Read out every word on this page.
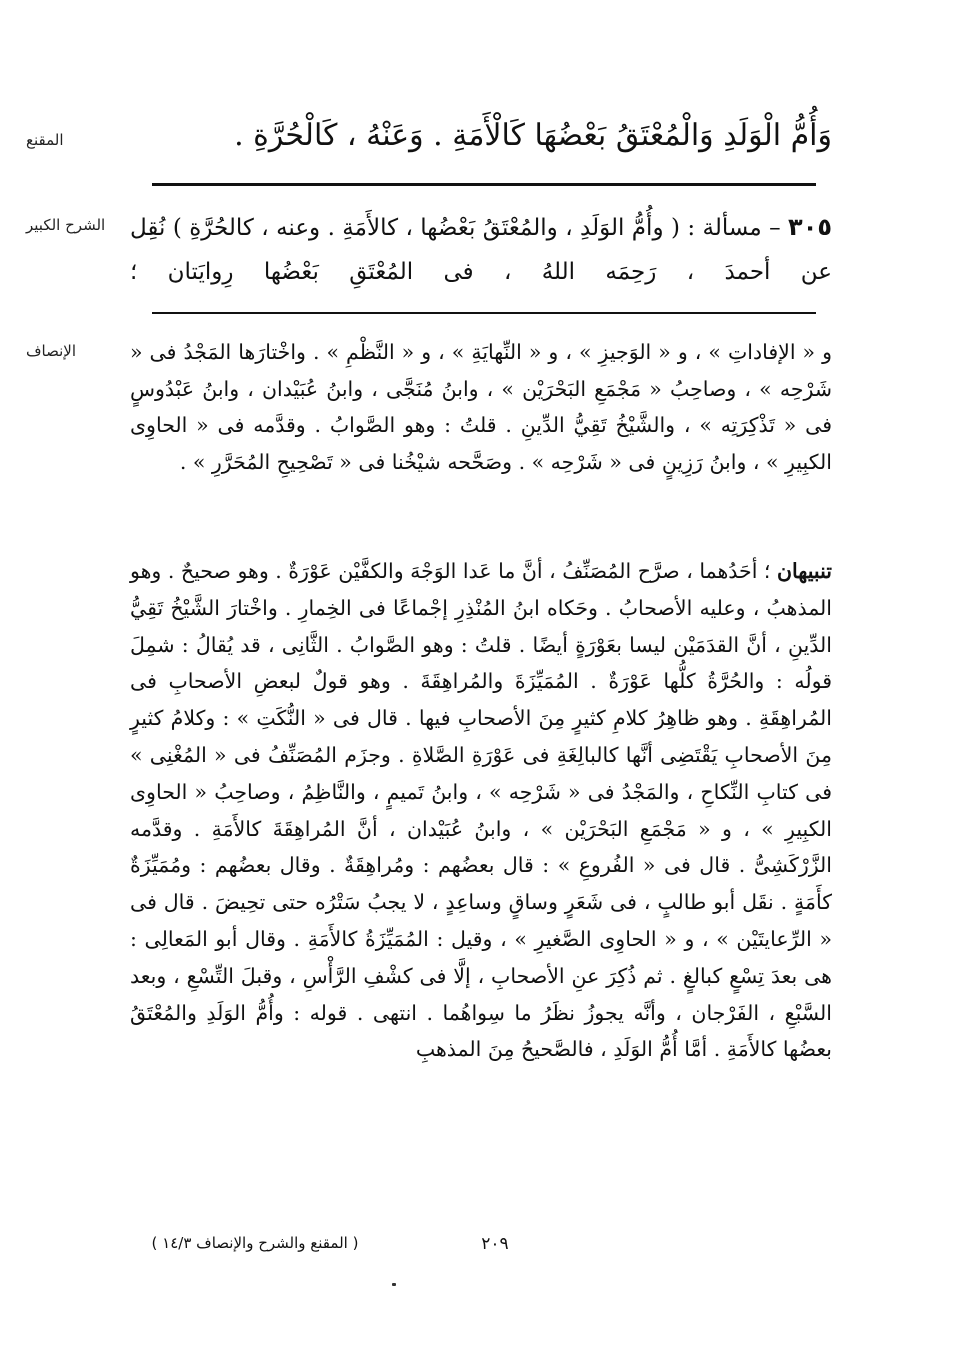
المقنع	وَأُمُّ الْوَلَدِ وَالْمُعْتَقُ بَعْضُهَا كَالْأَمَةِ . وَعَنْهُ ، كَالْحُرَّةِ .
الشرح الكبير	٣٠٥ – مسألة : ( وأُمُّ الوَلَدِ ، والمُعْتَقُ بَعْضُها ، كالأَمَةِ . وعنه ، كالحُرَّةِ ) نُقِل عن أحمدَ ، رَحِمَه اللهُ ، فى المُعْتَقِ بَعْضُها رِوايَتان ؛
الإنصاف	و « الإفاداتِ » ، و « الوَجيزِ » ، و « النِّهايَةِ » ، و « النَّظْمِ » . واخْتارَها المَجْدُ فى « شَرْحِه » ، وصاحِبُ « مَجْمَعِ البَحْرَيْن » ، وابنُ مُنَجَّى ، وابنُ عُبَيْدان ، وابنُ عَبْدُوسٍ فى « تَذْكِرَتِه » ، والشَّيْخُ تَقِيُّ الدِّينِ . قلتُ : وهو الصَّوابُ . وقدَّمه فى « الحاوِى الكبِيرِ » ، وابنُ رَزِينٍ فى « شَرْحِه » . وصَحَّحه شيْخُنا فى « تَصْحِيحِ المُحَرَّرِ » .
تنبيهان ؛ أحَدُهما ، صرَّح المُصَنِّفُ ، أنَّ ما عَدا الوَجْهَ والكفَّيْن عَوْرَةٌ . وهو صحيحٌ . وهو المذهبُ ، وعليه الأصحابُ . وحَكاه ابنُ المُنْذِرِ إجْماعًا فى الخِمارِ . واخْتارَ الشَّيْخُ تَقِيُّ الدِّينِ ، أنَّ القدَمَيْن ليسا بعَوْرَةٍ أيضًا . قلتُ : وهو الصَّوابُ . الثَّانِى ، قد يُقالُ : شمِلَ قولُه : والحُرَّةُ كلُّها عَوْرَةٌ . المُمَيِّزَةَ والمُراهِقَةَ . وهو قولٌ لبعضِ الأصحابِ فى المُراهِقَةِ . وهو ظاهِرُ كلامِ كثيرٍ مِنَ الأصحابِ فيها . قال فى « النُّكَتِ » : وكلامُ كثيرٍ مِنَ الأصحابِ يَقْتَضِى أنَّها كالبالِغَةِ فى عَوْرَةِ الصَّلاةِ . وجزَم المُصَنِّفُ فى « المُغْنِى » فى كتابِ النِّكاحِ ، والمَجْدُ فى « شَرْحِه » ، وابنُ تَميمٍ ، والنَّاظِمُ ، وصاحِبُ « الحاوِى الكبِيرِ » ، و « مَجْمَعِ البَحْرَيْن » ، وابنُ عُبَيْدان ، أنَّ المُراهِقَةَ كالأَمَةِ . وقدَّمه الزَّرْكَشِىُّ . قال فى « الفُروعِ » : قال بعضُهم : ومُراهِقَةٌ . وقال بعضُهم : ومُمَيِّزَةٌ كأَمَةٍ . نقَل أبو طالبٍ ، فى شَعَرٍ وساقٍ وساعِدٍ ، لا يجبُ سَتْرُه حتى تحِيضَ . قال فى « الرِّعايتَيْن » ، و « الحاوِى الصَّغيرِ » ، وقيل : المُمَيِّزَةُ كالأَمَةِ . وقال أبو المَعالِى : هى بعدَ تِسْعٍ كبالغٍ . ثم ذُكِرَ عنِ الأصحابِ ، إلَّا فى كشْفِ الرَّأْسِ ، وقبلَ التِّسْعِ ، وبعد السَّبْعِ ، الفَرْجان ، وأنَّه يجوزُ نظَرُ ما سِواهُما . انتهى . قوله : وأُمُّ الوَلَدِ والمُعْتَقُ بعضُها كالأَمَةِ . أمَّا أُمُّ الوَلَدِ ، فالصَّحيحُ مِنَ المذهبِ
٢٠٩
( المقنع والشرح والإنصاف ١٤/٣ )
